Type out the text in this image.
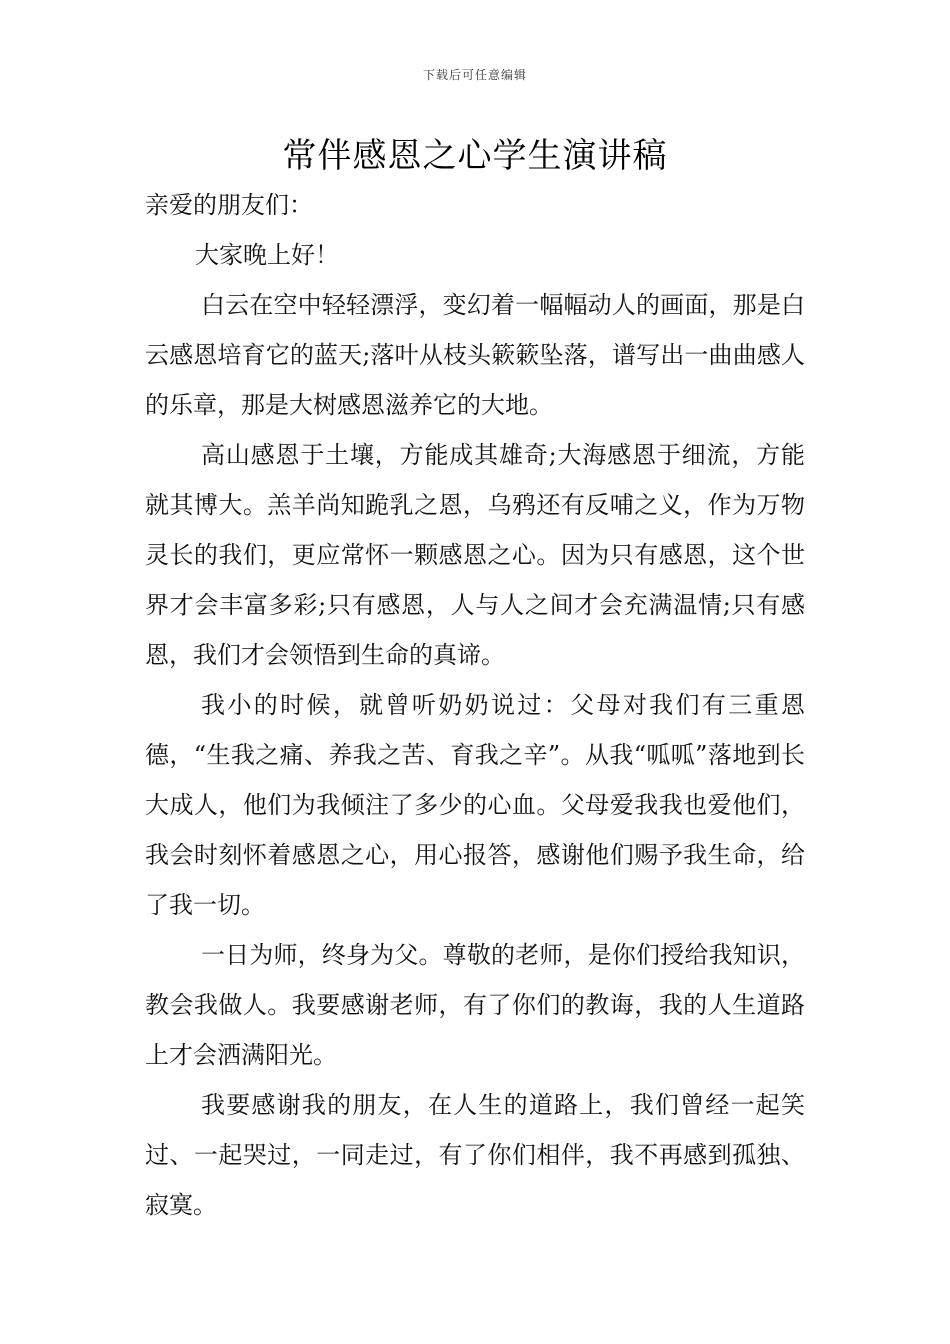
下载后可任意编辑
常伴感恩之心学生演讲稿

亲爱的朋友们：

大家晚上好！

白云在空中轻轻漂浮，变幻着一幅幅动人的画面，那是白云感恩培育它的蓝天;落叶从枝头簌簌坠落，谱写出一曲曲感人的乐章，那是大树感恩滋养它的大地。

高山感恩于土壤，方能成其雄奇;大海感恩于细流，方能就其博大。羔羊尚知跪乳之恩，乌鸦还有反哺之义，作为万物灵长的我们，更应常怀一颗感恩之心。因为只有感恩，这个世界才会丰富多彩;只有感恩，人与人之间才会充满温情;只有感恩，我们才会领悟到生命的真谛。

我小的时候，就曾听奶奶说过：父母对我们有三重恩德，“生我之痛、养我之苦、育我之辛”。从我“呱呱”落地到长大成人，他们为我倾注了多少的心血。父母爱我我也爱他们，我会时刻怀着感恩之心，用心报答，感谢他们赐予我生命，给了我一切。

一日为师，终身为父。尊敬的老师，是你们授给我知识，教会我做人。我要感谢老师，有了你们的教诲，我的人生道路上才会洒满阳光。

我要感谢我的朋友，在人生的道路上，我们曾经一起笑过、一起哭过，一同走过，有了你们相伴，我不再感到孤独、寂寞。
